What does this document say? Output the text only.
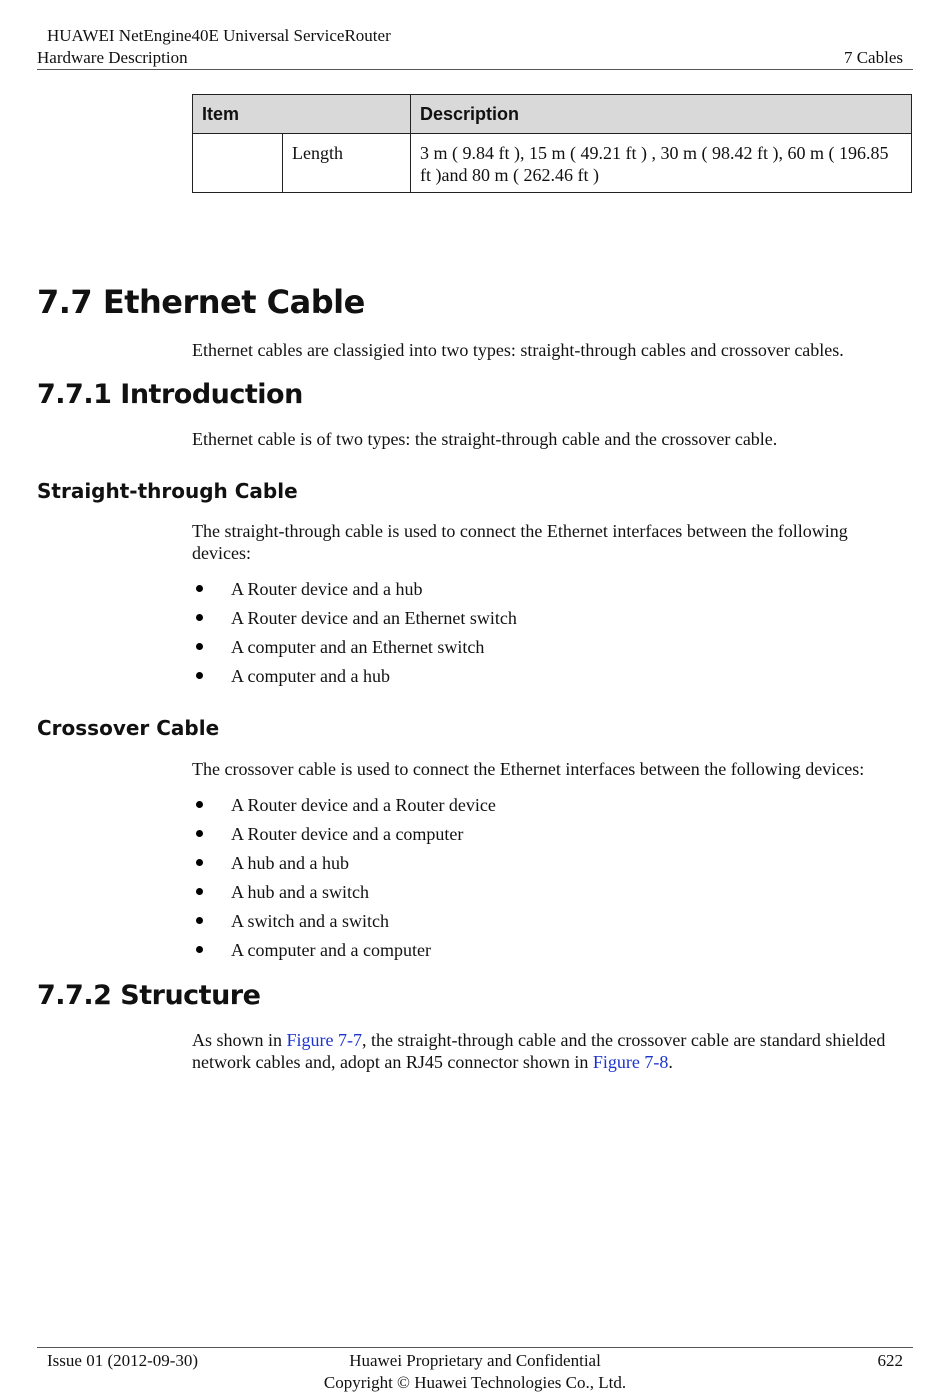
HUAWEI NetEngine40E Universal ServiceRouter
Hardware Description	7 Cables
Item		Description
	Length	3 m ( 9.84 ft ), 15 m ( 49.21 ft ) , 30 m ( 98.42 ft ), 60 m ( 196.85 ft )and 80 m ( 262.46 ft )
7.7 Ethernet Cable
Ethernet cables are classigied into two types: straight-through cables and crossover cables.
7.7.1 Introduction
Ethernet cable is of two types: the straight-through cable and the crossover cable.
Straight-through Cable
The straight-through cable is used to connect the Ethernet interfaces between the following devices:
A Router device and a hub
A Router device and an Ethernet switch
A computer and an Ethernet switch
A computer and a hub
Crossover Cable
The crossover cable is used to connect the Ethernet interfaces between the following devices:
A Router device and a Router device
A Router device and a computer
A hub and a hub
A hub and a switch
A switch and a switch
A computer and a computer
7.7.2 Structure
As shown in Figure 7-7, the straight-through cable and the crossover cable are standard shielded network cables and, adopt an RJ45 connector shown in Figure 7-8.
Issue 01 (2012-09-30)	Huawei Proprietary and Confidential
Copyright © Huawei Technologies Co., Ltd.
622
